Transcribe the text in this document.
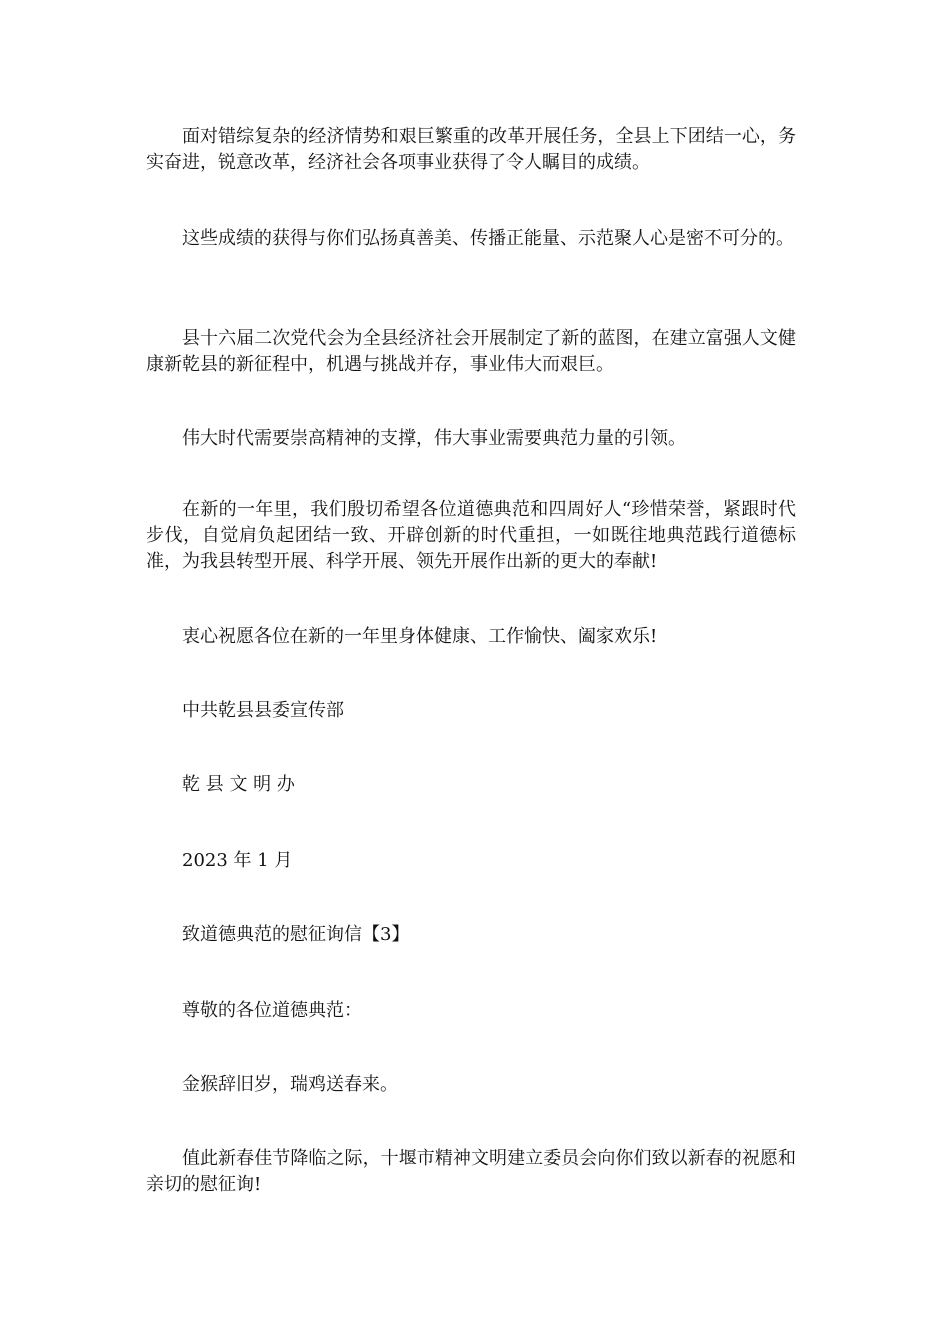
面对错综复杂的经济情势和艰巨繁重的改革开展任务，全县上下团结一心，务实奋进，锐意改革，经济社会各项事业获得了令人瞩目的成绩。

这些成绩的获得与你们弘扬真善美、传播正能量、示范聚人心是密不可分的。

县十六届二次党代会为全县经济社会开展制定了新的蓝图，在建立富强人文健康新乾县的新征程中，机遇与挑战并存，事业伟大而艰巨。

伟大时代需要崇高精神的支撑，伟大事业需要典范力量的引领。

在新的一年里，我们殷切希望各位道德典范和四周好人“珍惜荣誉，紧跟时代步伐，自觉肩负起团结一致、开辟创新的时代重担，一如既往地典范践行道德标准，为我县转型开展、科学开展、领先开展作出新的更大的奉献!

衷心祝愿各位在新的一年里身体健康、工作愉快、阖家欢乐!

中共乾县县委宣传部

乾 县 文 明 办

2023 年 1 月

致道德典范的慰征询信【3】

尊敬的各位道德典范：

金猴辞旧岁，瑞鸡送春来。

值此新春佳节降临之际，十堰市精神文明建立委员会向你们致以新春的祝愿和亲切的慰征询!
